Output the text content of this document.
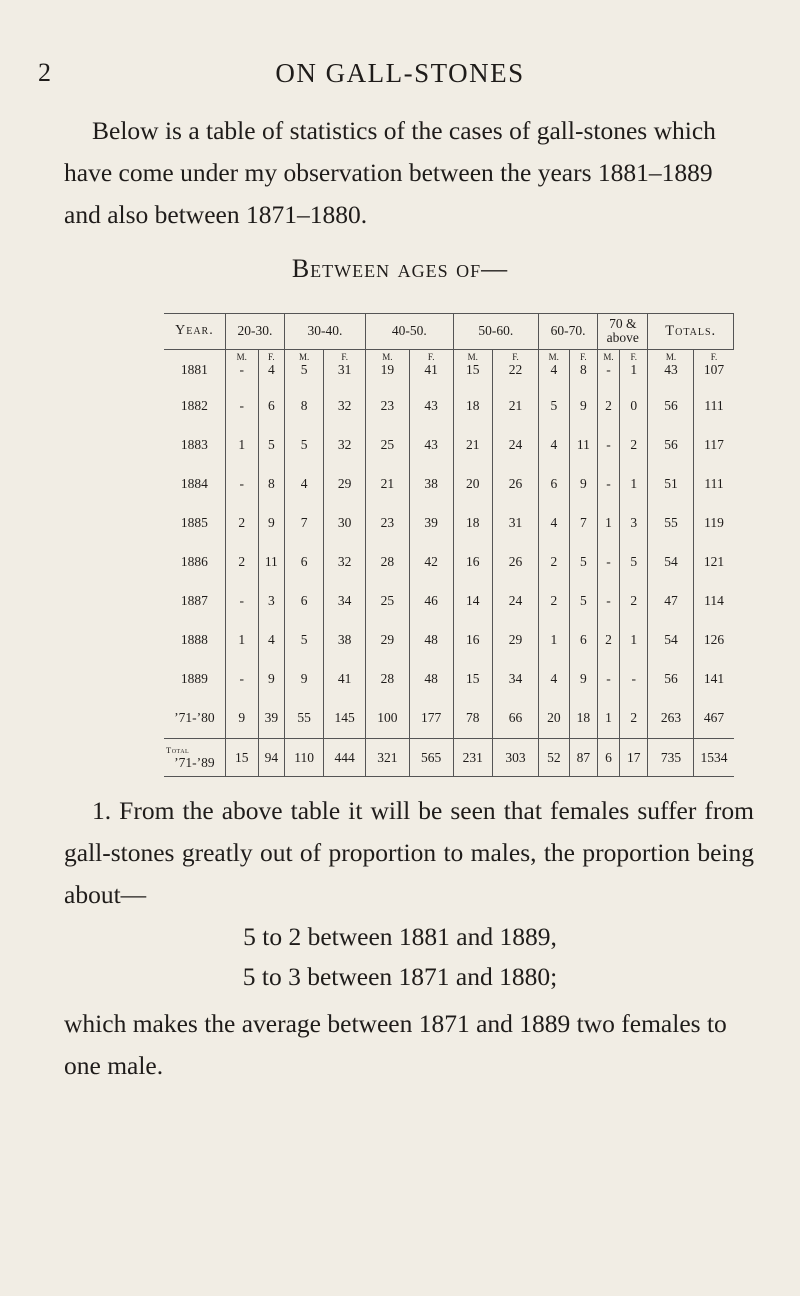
2	ON GALL-STONES
Below is a table of statistics of the cases of gall-stones which have come under my observation between the years 1881–1889 and also between 1871–1880.
Between ages of—
Year.	20-30.		30-40.		40-50.		50-60.		60-70.		70 & above		Totals.	
	M.	F.	M.	F.	M.	F.	M.	F.	M.	F.	M.	F.	M.	F.
1881	-	4	5	31	19	41	15	22	4	8	-	1	43	107
1882	-	6	8	32	23	43	18	21	5	9	2	0	56	111
1883	1	5	5	32	25	43	21	24	4	11	-	2	56	117
1884	-	8	4	29	21	38	20	26	6	9	-	1	51	111
1885	2	9	7	30	23	39	18	31	4	7	1	3	55	119
1886	2	11	6	32	28	42	16	26	2	5	-	5	54	121
1887	-	3	6	34	25	46	14	24	2	5	-	2	47	114
1888	1	4	5	38	29	48	16	29	1	6	2	1	54	126
1889	-	9	9	41	28	48	15	34	4	9	-	-	56	141
’71-’80	9	39	55	145	100	177	78	66	20	18	1	2	263	467

Total
’71-’89	15	94	110	444	321	565	231	303	52	87	6	17	735	1534
1. From the above table it will be seen that females suffer from gall-stones greatly out of proportion to males, the proportion being about—
5 to 2 between 1881 and 1889,
5 to 3 between 1871 and 1880;
which makes the average between 1871 and 1889 two females to one male.
